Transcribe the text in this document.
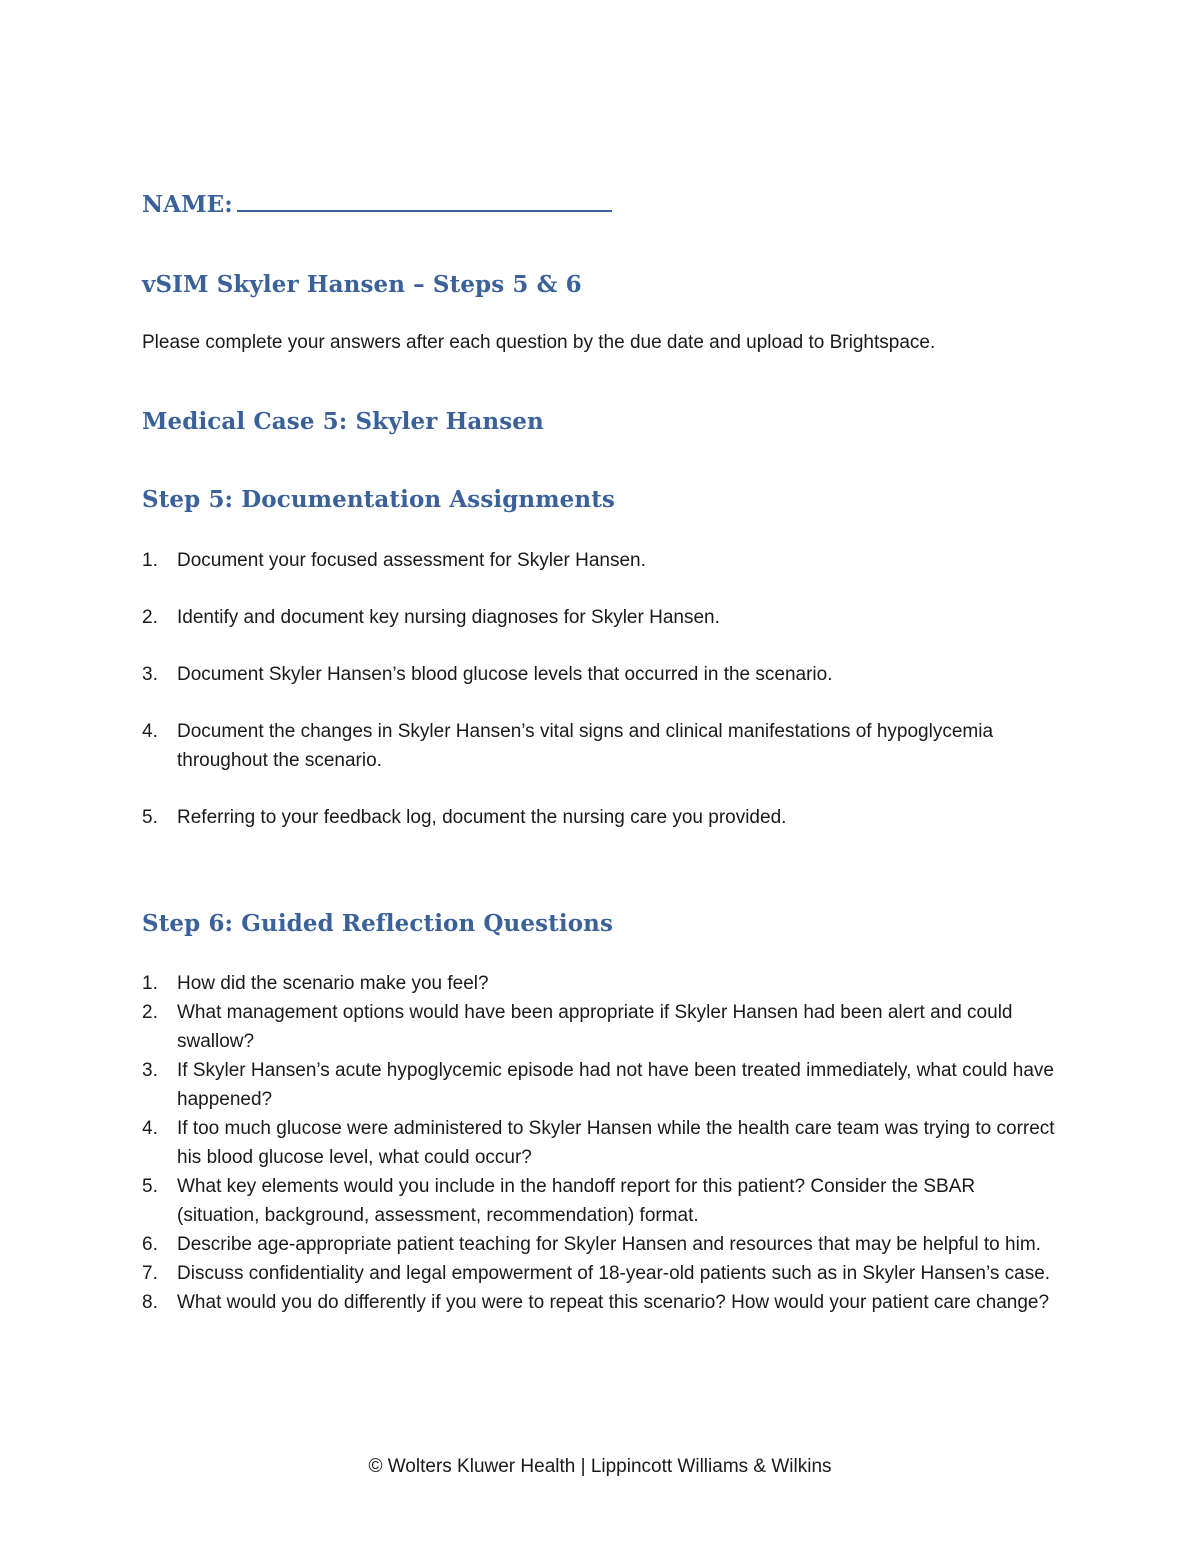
NAME:
vSIM Skyler Hansen – Steps 5 & 6

Please complete your answers after each question by the due date and upload to Brightspace.

Medical Case 5: Skyler Hansen
Step 5: Documentation Assignments
1. Document your focused assessment for Skyler Hansen.
2. Identify and document key nursing diagnoses for Skyler Hansen.
3. Document Skyler Hansen’s blood glucose levels that occurred in the scenario.
4. Document the changes in Skyler Hansen’s vital signs and clinical manifestations of hypoglycemia throughout the scenario.
5. Referring to your feedback log, document the nursing care you provided.
Step 6: Guided Reflection Questions
1. How did the scenario make you feel?
2. What management options would have been appropriate if Skyler Hansen had been alert and could swallow?
3. If Skyler Hansen’s acute hypoglycemic episode had not have been treated immediately, what could have happened?
4. If too much glucose were administered to Skyler Hansen while the health care team was trying to correct his blood glucose level, what could occur?
5. What key elements would you include in the handoff report for this patient? Consider the SBAR (situation, background, assessment, recommendation) format.
6. Describe age-appropriate patient teaching for Skyler Hansen and resources that may be helpful to him.
7. Discuss confidentiality and legal empowerment of 18-year-old patients such as in Skyler Hansen’s case.
8. What would you do differently if you were to repeat this scenario? How would your patient care change?

© Wolters Kluwer Health | Lippincott Williams & Wilkins
